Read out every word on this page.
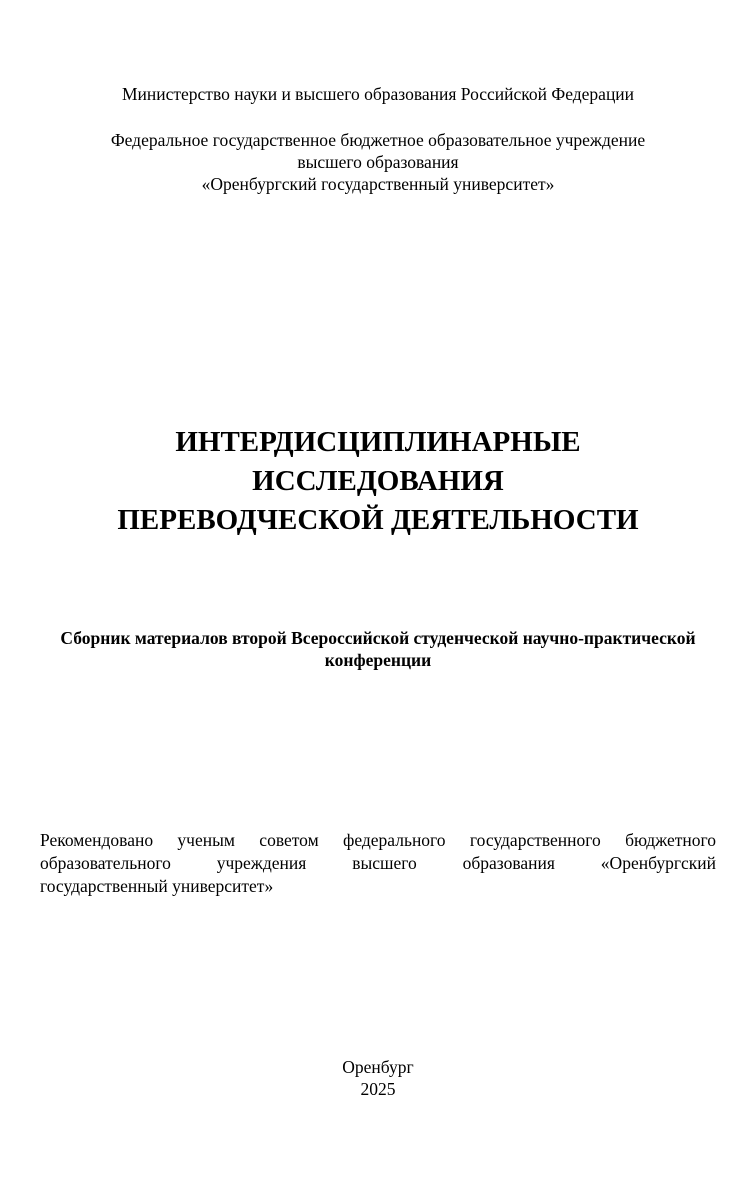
Министерство науки и высшего образования Российской Федерации
Федеральное государственное бюджетное образовательное учреждение
высшего образования
«Оренбургский государственный университет»
ИНТЕРДИСЦИПЛИНАРНЫЕ
ИССЛЕДОВАНИЯ
ПЕРЕВОДЧЕСКОЙ ДЕЯТЕЛЬНОСТИ
Сборник материалов второй Всероссийской студенческой научно-практической
конференции
Рекомендовано ученым советом федерального государственного бюджетного
образовательного учреждения высшего образования «Оренбургский
государственный университет»
Оренбург
2025
